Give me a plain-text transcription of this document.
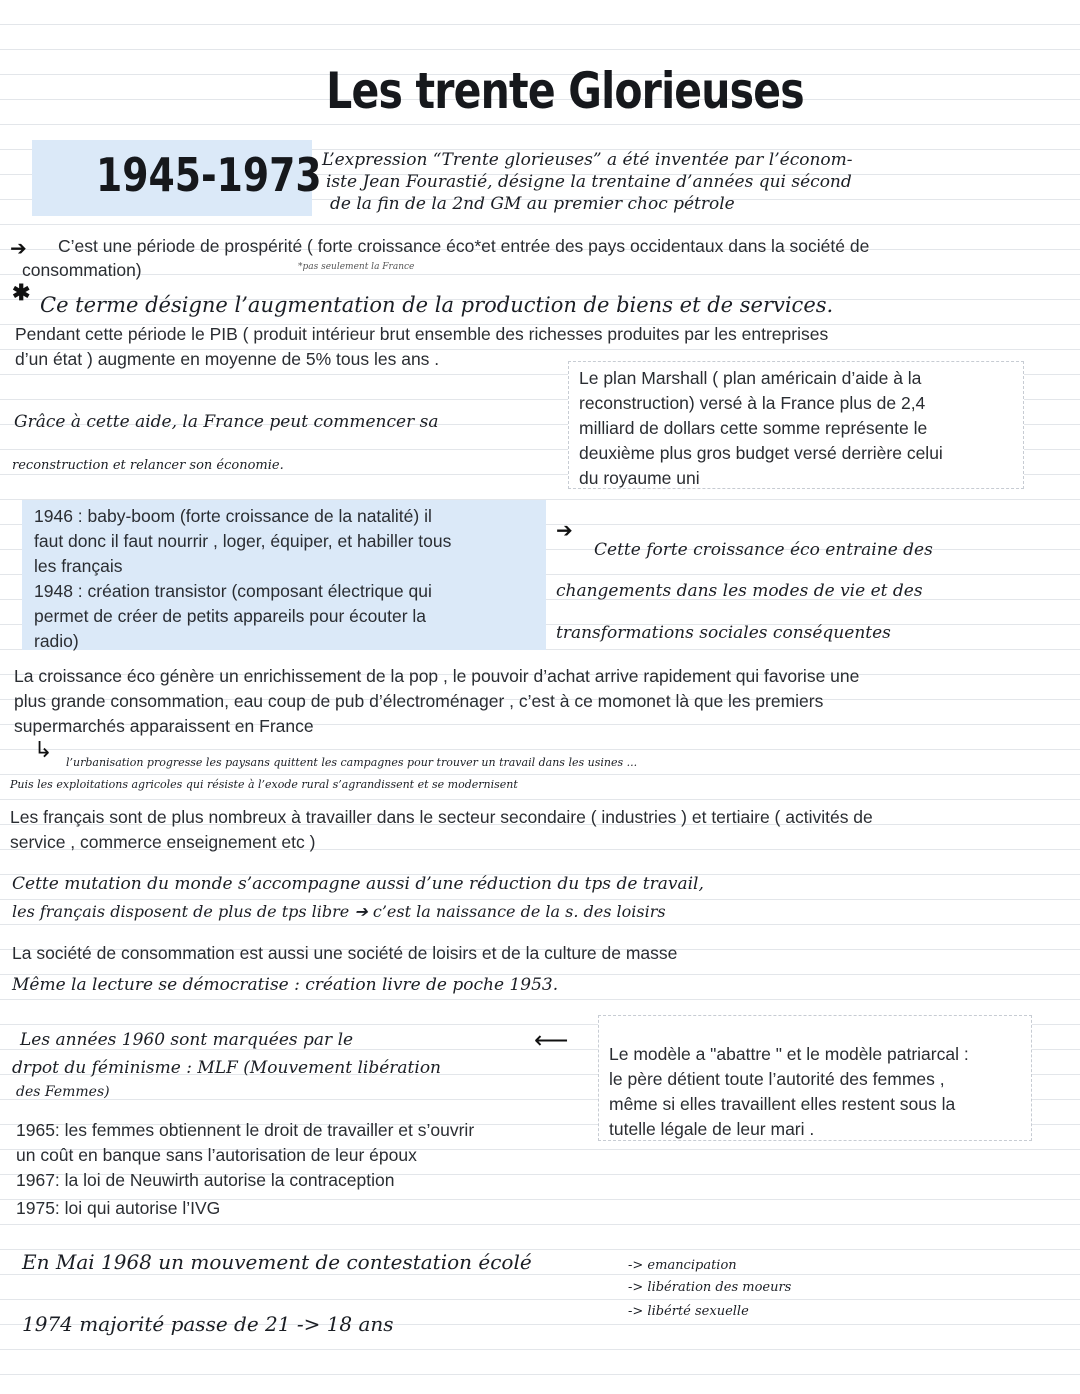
Les trente Glorieuses
1945-1973 L’expression “Trente glorieuses” a été inventée par l’économ-
iste Jean Fourastié, désigne la trentaine d’années qui sécond
de la fin de la 2nd GM au premier choc pétrole
➔ C’est une période de prospérité ( forte croissance éco*et entrée des pays occidentaux dans la société de
consommation)	*pas seulement la France
✱ Ce terme désigne l’augmentation de la production de biens et de services.
Pendant cette période le PIB ( produit intérieur brut ensemble des richesses produites par les entreprises
d’un état ) augmente en moyenne de 5% tous les ans .
Le plan Marshall ( plan américain d’aide à la
reconstruction) versé à la France plus de 2,4
milliard de dollars cette somme représente le
deuxième plus gros budget versé derrière celui
du royaume uni
Grâce à cette aide, la France peut commencer sa
reconstruction et relancer son économie.
1946 : baby-boom (forte croissance de la natalité) il
faut donc il faut nourrir , loger, équiper, et habiller tous
les français
1948 : création transistor (composant électrique qui
permet de créer de petits appareils pour écouter la
radio)
➔
Cette forte croissance éco entraine des
changements dans les modes de vie et des
transformations sociales conséquentes
La croissance éco génère un enrichissement de la pop , le pouvoir d’achat arrive rapidement qui favorise une
plus grande consommation, eau coup de pub d’électroménager , c’est à ce momonet là que les premiers
supermarchés apparaissent en France
↳ l’urbanisation progresse les paysans quittent les campagnes pour trouver un travail dans les usines ...
Puis les exploitations agricoles qui résiste à l’exode rural s’agrandissent et se modernisent
Les français sont de plus nombreux à travailler dans le secteur secondaire ( industries ) et tertiaire ( activités de
service , commerce enseignement etc )
Cette mutation du monde s’accompagne aussi d’une réduction du tps de travail,
les français disposent de plus de tps libre ➔ c’est la naissance de la s. des loisirs
La société de consommation est aussi une société de loisirs et de la culture de masse
Même la lecture se démocratise : création livre de poche 1953.
Les années 1960 sont marquées par le
drpot du féminisme : MLF (Mouvement libération
des Femmes)
⟵ Le modèle a "abattre " et le modèle patriarcal :
le père détient toute l’autorité des femmes ,
même si elles travaillent elles restent sous la
tutelle légale de leur mari .
1965: les femmes obtiennent le droit de travailler et s’ouvrir
un coût en banque sans l’autorisation de leur époux
1967: la loi de Neuwirth autorise la contraception
1975: loi qui autorise l’IVG
En Mai 1968 un mouvement de contestation écolé	-> emancipation
-> libération des moeurs
-> libérté sexuelle
1974 majorité passe de 21 -> 18 ans
